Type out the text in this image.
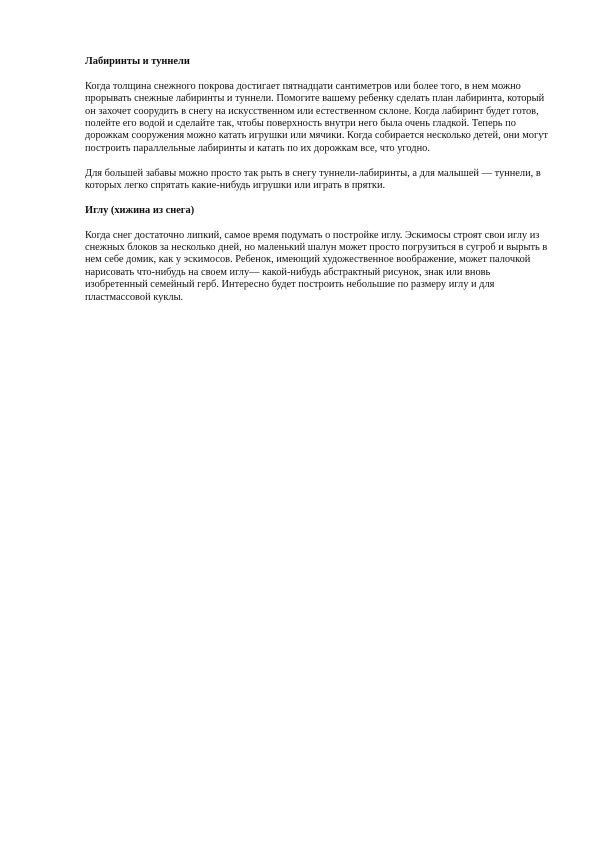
Лабиринты и туннели
Когда толщина снежного покрова достигает пятнадцати сантиметров или более того, в нем можно прорывать снежные лабиринты и туннели. Помогите вашему ребенку сделать план лабиринта, который он захочет соорудить в снегу на искусственном или естественном склоне. Когда лабиринт будет готов, полейте его водой и сделайте так, чтобы поверхность внутри него была очень гладкой. Теперь по дорожкам сооружения можно катать игрушки или мячики. Когда собирается несколько детей, они могут построить параллельные лабиринты и катать по их дорожкам все, что угодно.
Для большей забавы можно просто так рыть в снегу туннели-лабиринты, а для малышей — туннели, в которых легко спрятать какие-нибудь игрушки или играть в прятки.
Иглу (хижина из снега)
Когда снег достаточно липкий, самое время подумать о постройке иглу. Эскимосы строят свои иглу из снежных блоков за несколько дней, но маленький шалун может просто погрузиться в сугроб и вырыть в нем себе домик, как у эскимосов. Ребенок, имеющий художественное воображение, может палочкой нарисовать что-нибудь на своем иглу— какой-нибудь абстрактный рисунок, знак или вновь изобретенный семейный герб. Интересно будет построить небольшие по размеру иглу и для пластмассовой куклы.
